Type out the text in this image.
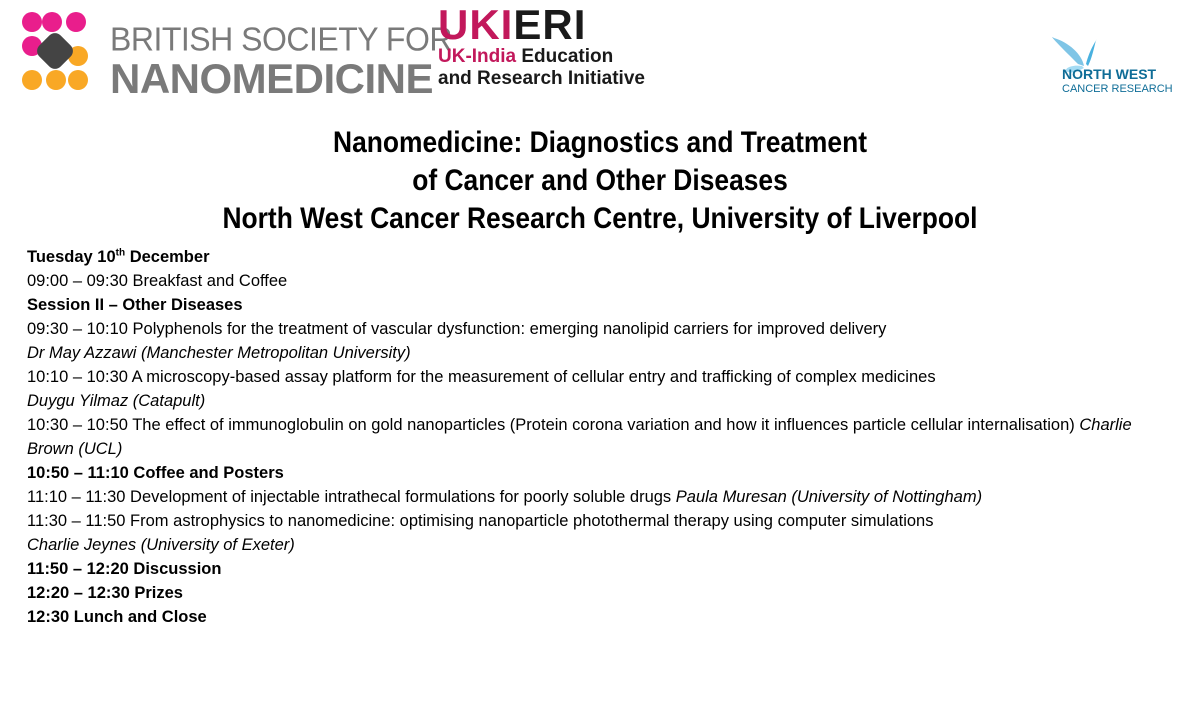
BRITISH SOCIETY FOR
NANOMEDICINE
UKIERI
UK-India Education
and Research Initiative	NORTH WEST
CANCER RESEARCH
Nanomedicine: Diagnostics and Treatment
of Cancer and Other Diseases
North West Cancer Research Centre, University of Liverpool
Tuesday 10th December
09:00 – 09:30 Breakfast and Coffee
Session II – Other Diseases
09:30 – 10:10 Polyphenols for the treatment of vascular dysfunction: emerging nanolipid carriers for improved delivery
Dr May Azzawi (Manchester Metropolitan University)
10:10 – 10:30 A microscopy-based assay platform for the measurement of cellular entry and trafficking of complex medicines
Duygu Yilmaz (Catapult)
10:30 – 10:50 The effect of immunoglobulin on gold nanoparticles (Protein corona variation and how it influences particle cellular internalisation) Charlie Brown (UCL)
10:50 – 11:10 Coffee and Posters
11:10 – 11:30 Development of injectable intrathecal formulations for poorly soluble drugs Paula Muresan (University of Nottingham)
11:30 – 11:50 From astrophysics to nanomedicine: optimising nanoparticle photothermal therapy using computer simulations
Charlie Jeynes (University of Exeter)
11:50 – 12:20 Discussion
12:20 – 12:30 Prizes
12:30 Lunch and Close
